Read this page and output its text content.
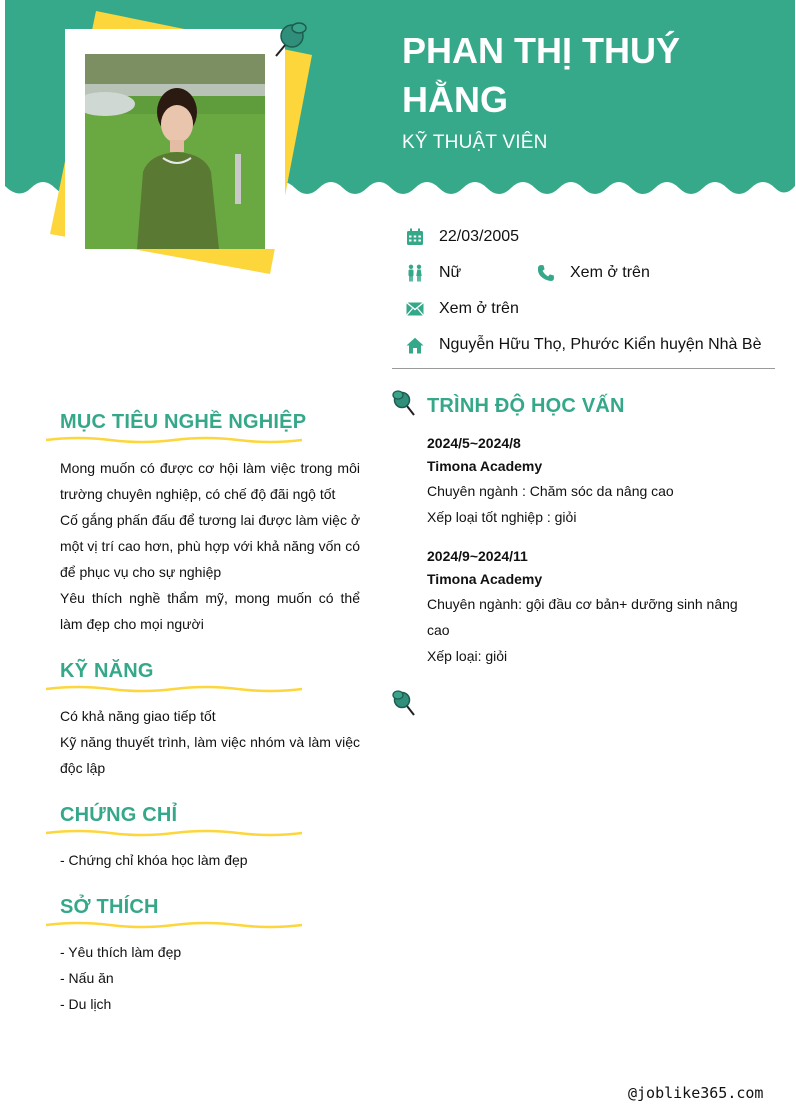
PHAN THỊ THUÝ HẰNG
KỸ THUẬT VIÊN
22/03/2005
Nữ	Xem ở trên
Xem ở trên
Nguyễn Hữu Thọ, Phước Kiển huyện Nhà Bè
MỤC TIÊU NGHỀ NGHIỆP
Mong muốn có được cơ hội làm việc trong môi trường chuyên nghiệp, có chế độ đãi ngộ tốt
Cố gắng phấn đấu để tương lai được làm việc ở một vị trí cao hơn, phù hợp với khả năng vốn có để phục vụ cho sự nghiệp
Yêu thích nghề thẩm mỹ, mong muốn có thể làm đẹp cho mọi người
KỸ NĂNG
Có khả năng giao tiếp tốt
Kỹ năng thuyết trình, làm việc nhóm và làm việc độc lập
CHỨNG CHỈ
- Chứng chỉ khóa học làm đẹp
SỞ THÍCH
- Yêu thích làm đẹp
- Nấu ăn
- Du lịch
TRÌNH ĐỘ HỌC VẤN
2024/5~2024/8
Timona Academy
Chuyên ngành : Chăm sóc da nâng cao
Xếp loại tốt nghiệp : giỏi
2024/9~2024/11
Timona Academy
Chuyên ngành: gội đầu cơ bản+ dưỡng sinh nâng cao
Xếp loại: giỏi
@joblike365.com
